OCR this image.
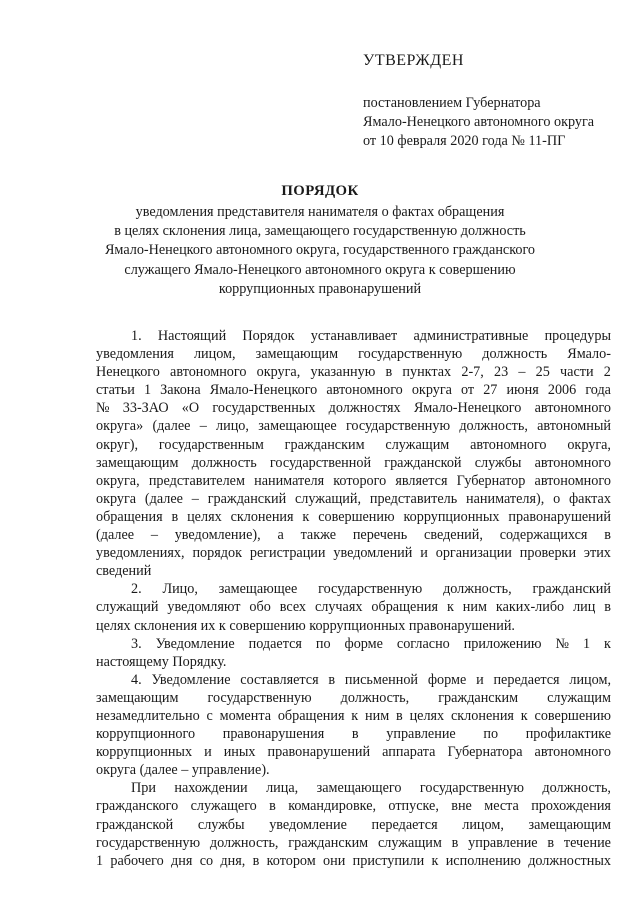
УТВЕРЖДЕН
постановлением Губернатора
Ямало-Ненецкого автономного округа
от 10 февраля 2020 года № 11-ПГ
ПОРЯДОК
уведомления представителя нанимателя о фактах обращения
в целях склонения лица, замещающего государственную должность
Ямало-Ненецкого автономного округа, государственного гражданского
служащего Ямало-Ненецкого автономного округа к совершению
коррупционных правонарушений
1. Настоящий Порядок устанавливает административные процедуры
уведомления лицом, замещающим государственную должность Ямало-
Ненецкого автономного округа, указанную в пунктах 2-7, 23 – 25 части 2
статьи 1 Закона Ямало-Ненецкого автономного округа от 27 июня 2006 года
№ 33-ЗАО «О государственных должностях Ямало-Ненецкого автономного
округа» (далее – лицо, замещающее государственную должность, автономный
округ), государственным гражданским служащим автономного округа,
замещающим должность государственной гражданской службы автономного
округа, представителем нанимателя которого является Губернатор автономного
округа (далее – гражданский служащий, представитель нанимателя), о фактах
обращения в целях склонения к совершению коррупционных правонарушений
(далее – уведомление), а также перечень сведений, содержащихся в
уведомлениях, порядок регистрации уведомлений и организации проверки этих
сведений
2. Лицо, замещающее государственную должность, гражданский
служащий уведомляют обо всех случаях обращения к ним каких-либо лиц в
целях склонения их к совершению коррупционных правонарушений.
3. Уведомление подается по форме согласно приложению № 1 к
настоящему Порядку.
4. Уведомление составляется в письменной форме и передается лицом,
замещающим государственную должность, гражданским служащим
незамедлительно с момента обращения к ним в целях склонения к совершению
коррупционного правонарушения в управление по профилактике
коррупционных и иных правонарушений аппарата Губернатора автономного
округа (далее – управление).
При нахождении лица, замещающего государственную должность,
гражданского служащего в командировке, отпуске, вне места прохождения
гражданской службы уведомление передается лицом, замещающим
государственную должность, гражданским служащим в управление в течение
1 рабочего дня со дня, в котором они приступили к исполнению должностных
